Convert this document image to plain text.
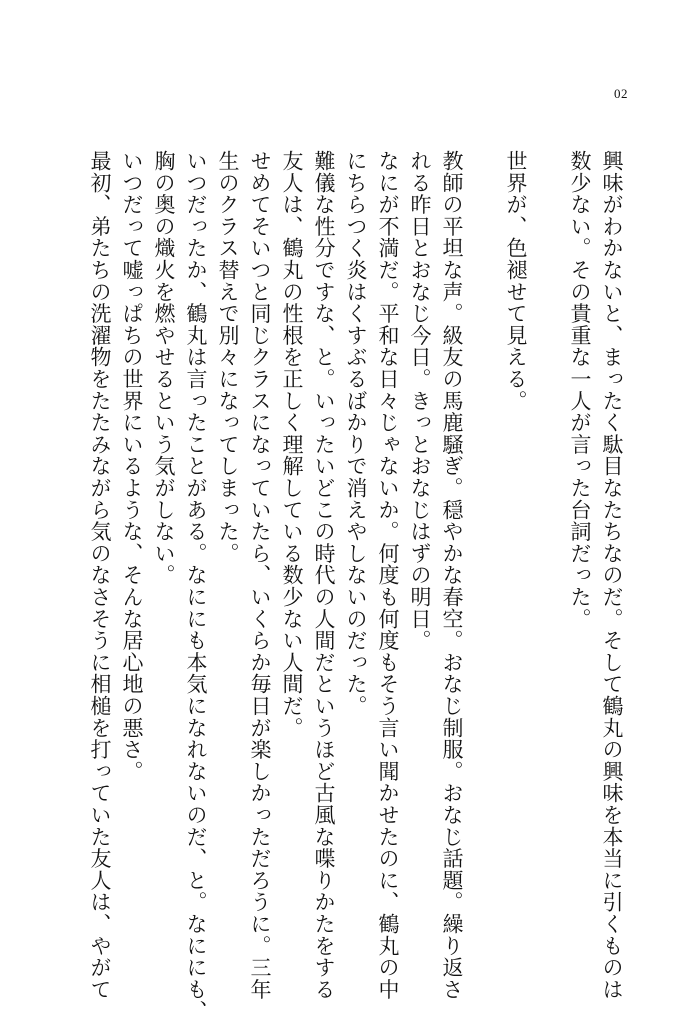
02
興味がわかないと、まったく駄目なたちなのだ。そして鶴丸の興味を本当に引くものは
数少ない。その貴重な一人が言った台詞だった。
世界が、色褪せて見える。
教師の平坦な声。級友の馬鹿騒ぎ。穏やかな春空。おなじ制服。おなじ話題。繰り返さ
れる昨日とおなじ今日。きっとおなじはずの明日。
なにが不満だ。平和な日々じゃないか。何度も何度もそう言い聞かせたのに、鶴丸の中
にちらつく炎はくすぶるばかりで消えやしないのだった。
難儀な性分ですな、と。いったいどこの時代の人間だというほど古風な喋りかたをする
友人は、鶴丸の性根を正しく理解している数少ない人間だ。
せめてそいつと同じクラスになっていたら、いくらか毎日が楽しかっただろうに。三年
生のクラス替えで別々になってしまった。
いつだったか、鶴丸は言ったことがある。なににも本気になれないのだ、と。なににも、
胸の奥の熾火を燃やせるという気がしない。
いつだって嘘っぱちの世界にいるような、そんな居心地の悪さ。
最初、弟たちの洗濯物をたたみながら気のなさそうに相槌を打っていた友人は、やがて
